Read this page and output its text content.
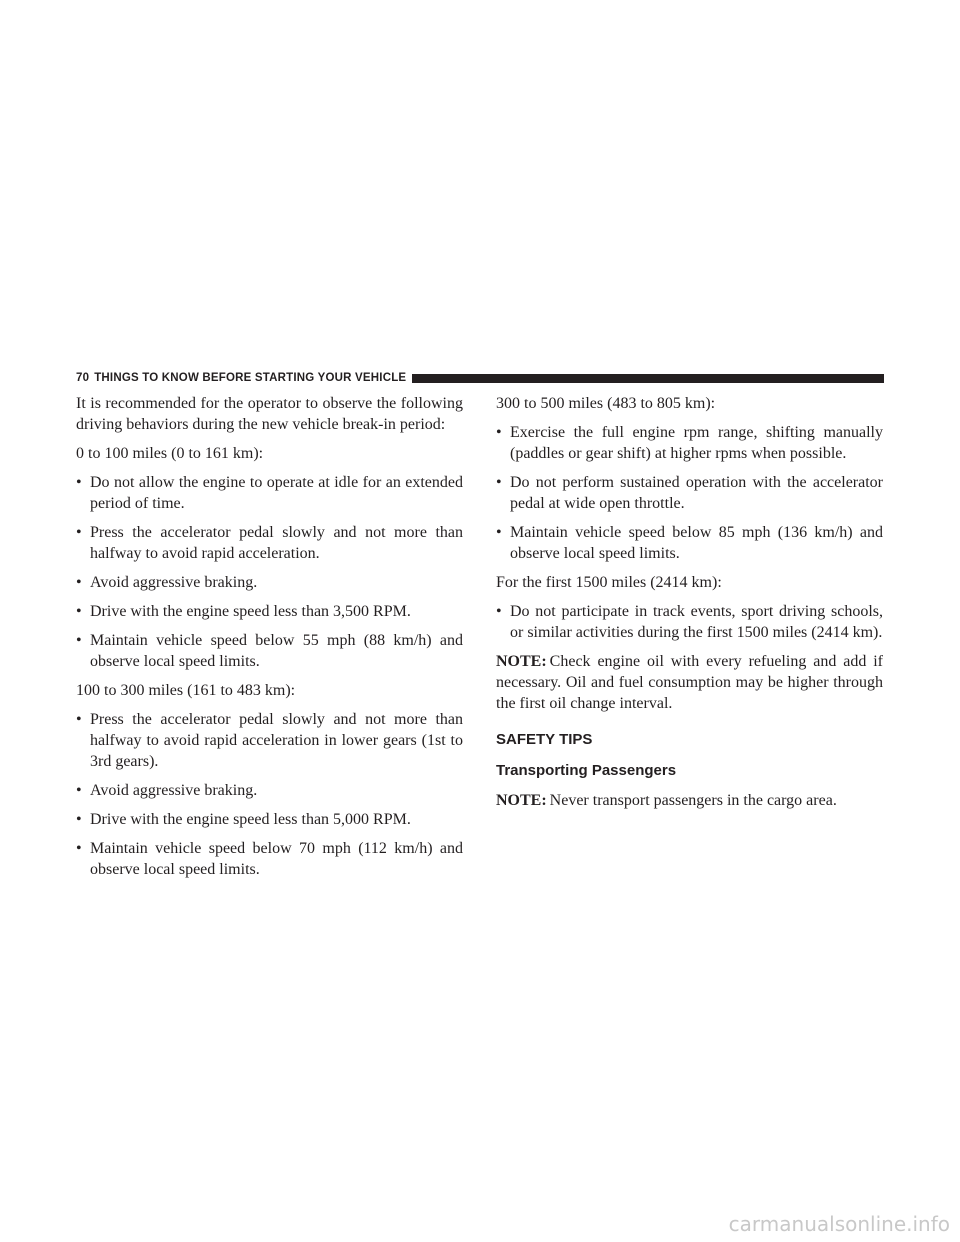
70 THINGS TO KNOW BEFORE STARTING YOUR VEHICLE

It is recommended for the operator to observe the following driving behaviors during the new vehicle break-in period:

0 to 100 miles (0 to 161 km):

• Do not allow the engine to operate at idle for an extended period of time.
• Press the accelerator pedal slowly and not more than halfway to avoid rapid acceleration.
• Avoid aggressive braking.
• Drive with the engine speed less than 3,500 RPM.
• Maintain vehicle speed below 55 mph (88 km/h) and observe local speed limits.

100 to 300 miles (161 to 483 km):

• Press the accelerator pedal slowly and not more than halfway to avoid rapid acceleration in lower gears (1st to 3rd gears).
• Avoid aggressive braking.
• Drive with the engine speed less than 5,000 RPM.
• Maintain vehicle speed below 70 mph (112 km/h) and observe local speed limits.

300 to 500 miles (483 to 805 km):

• Exercise the full engine rpm range, shifting manually (paddles or gear shift) at higher rpms when possible.
• Do not perform sustained operation with the accelerator pedal at wide open throttle.
• Maintain vehicle speed below 85 mph (136 km/h) and observe local speed limits.

For the first 1500 miles (2414 km):

• Do not participate in track events, sport driving schools, or similar activities during the first 1500 miles (2414 km).

NOTE: Check engine oil with every refueling and add if necessary. Oil and fuel consumption may be higher through the first oil change interval.

SAFETY TIPS
Transporting Passengers

NOTE: Never transport passengers in the cargo area.

carmanualsonline.info
